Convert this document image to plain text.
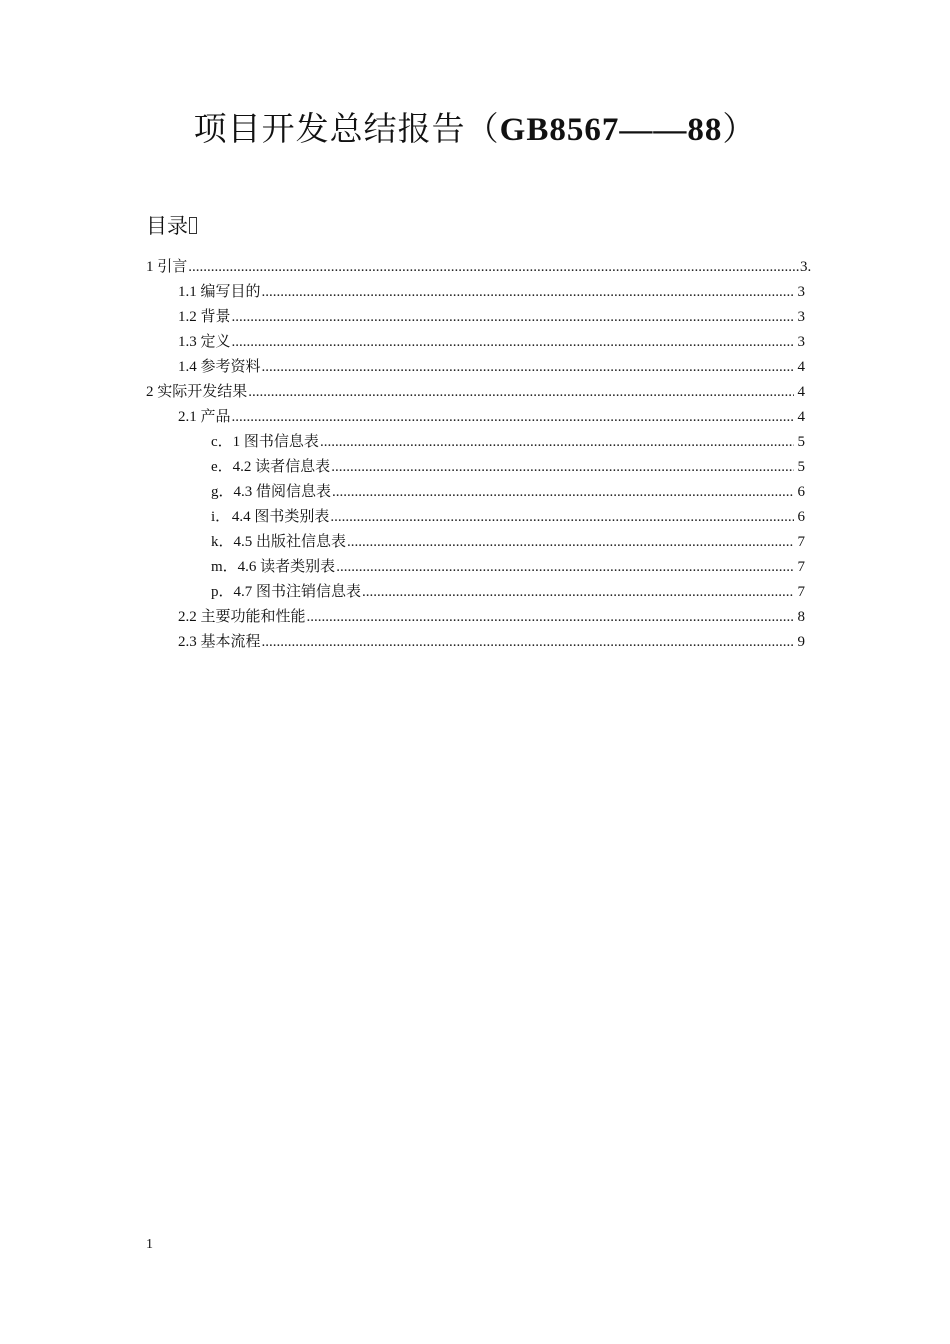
项目开发总结报告（GB8567——88）
目录
1 引言 .....	3.
1.1 编写目的 .....	3
1.2 背景 .....	3
1.3 定义 .....	3
1.4 参考资料 .....	4
2 实际开发结果 .....	4
2.1 产品 .....	4
c． 1 图书信息表 .....	5
e． 4.2 读者信息表 .....	5
g． 4.3 借阅信息表 .....	6
i． 4.4 图书类别表 .....	6
k． 4.5 出版社信息表 .....	7
m． 4.6 读者类别表 .....	7
p． 4.7 图书注销信息表 .....	7
2.2 主要功能和性能 .....	8
2.3 基本流程 .....	9
1
